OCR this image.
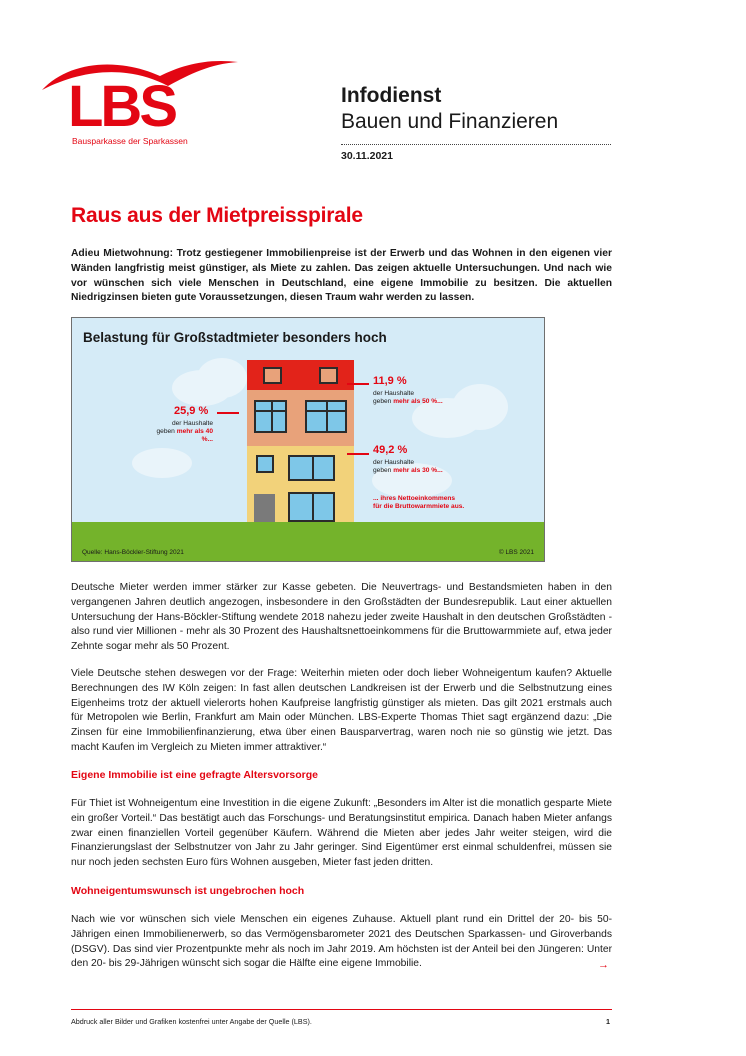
LBS
Bausparkasse der Sparkassen
Infodienst
Bauen und Finanzieren
30.11.2021
Raus aus der Mietpreisspirale

Adieu Mietwohnung: Trotz gestiegener Immobilienpreise ist der Erwerb und das Wohnen in den eigenen vier Wänden langfristig meist günstiger, als Miete zu zahlen. Das zeigen aktuelle Untersuchungen. Und nach wie vor wünschen sich viele Menschen in Deutschland, eine eigene Immobilie zu besitzen. Die aktuellen Niedrigzinsen bieten gute Voraussetzungen, diesen Traum wahr werden zu lassen.

Belastung für Großstadtmieter besonders hoch
11,9 %
der Haushalte
geben mehr als 50 %...
25,9 %
der Haushalte
geben mehr als 40 %...
49,2 %
der Haushalte
geben mehr als 30 %...
... ihres Nettoeinkommens
für die Bruttowarmmiete aus.
Quelle: Hans-Böckler-Stiftung 2021	© LBS 2021

Deutsche Mieter werden immer stärker zur Kasse gebeten. Die Neuvertrags- und Bestandsmieten haben in den vergangenen Jahren deutlich angezogen, insbesondere in den Großstädten der Bundesrepublik. Laut einer aktuellen Untersuchung der Hans-Böckler-Stiftung wendete 2018 nahezu jeder zweite Haushalt in den deutschen Großstädten - also rund vier Millionen - mehr als 30 Prozent des Haushaltsnettoeinkommens für die Bruttowarmmiete auf, etwa jeder Zehnte sogar mehr als 50 Prozent.

Viele Deutsche stehen deswegen vor der Frage: Weiterhin mieten oder doch lieber Wohneigentum kaufen? Aktuelle Berechnungen des IW Köln zeigen: In fast allen deutschen Landkreisen ist der Erwerb und die Selbstnutzung eines Eigenheims trotz der aktuell vielerorts hohen Kaufpreise langfristig günstiger als mieten. Das gilt 2021 erstmals auch für Metropolen wie Berlin, Frankfurt am Main oder München. LBS-Experte Thomas Thiet sagt ergänzend dazu: „Die Zinsen für eine Immobilienfinanzierung, etwa über einen Bausparvertrag, waren noch nie so günstig wie jetzt. Das macht Kaufen im Vergleich zu Mieten immer attraktiver.“

Eigene Immobilie ist eine gefragte Altersvorsorge

Für Thiet ist Wohneigentum eine Investition in die eigene Zukunft: „Besonders im Alter ist die monatlich gesparte Miete ein großer Vorteil.“ Das bestätigt auch das Forschungs- und Beratungsinstitut empirica. Danach haben Mieter anfangs zwar einen finanziellen Vorteil gegenüber Käufern. Während die Mieten aber jedes Jahr weiter steigen, wird die Finanzierungslast der Selbstnutzer von Jahr zu Jahr geringer. Sind Eigentümer erst einmal schuldenfrei, müssen sie nur noch jeden sechsten Euro fürs Wohnen ausgeben, Mieter fast jeden dritten.

Wohneigentumswunsch ist ungebrochen hoch

Nach wie vor wünschen sich viele Menschen ein eigenes Zuhause. Aktuell plant rund ein Drittel der 20- bis 50-Jährigen einen Immobilienerwerb, so das Vermögensbarometer 2021 des Deutschen Sparkassen- und Giroverbands (DSGV). Das sind vier Prozentpunkte mehr als noch im Jahr 2019. Am höchsten ist der Anteil bei den Jüngeren: Unter den 20- bis 29-Jährigen wünscht sich sogar die Hälfte eine eigene Immobilie.	→
Abdruck aller Bilder und Grafiken kostenfrei unter Angabe der Quelle (LBS).	1
